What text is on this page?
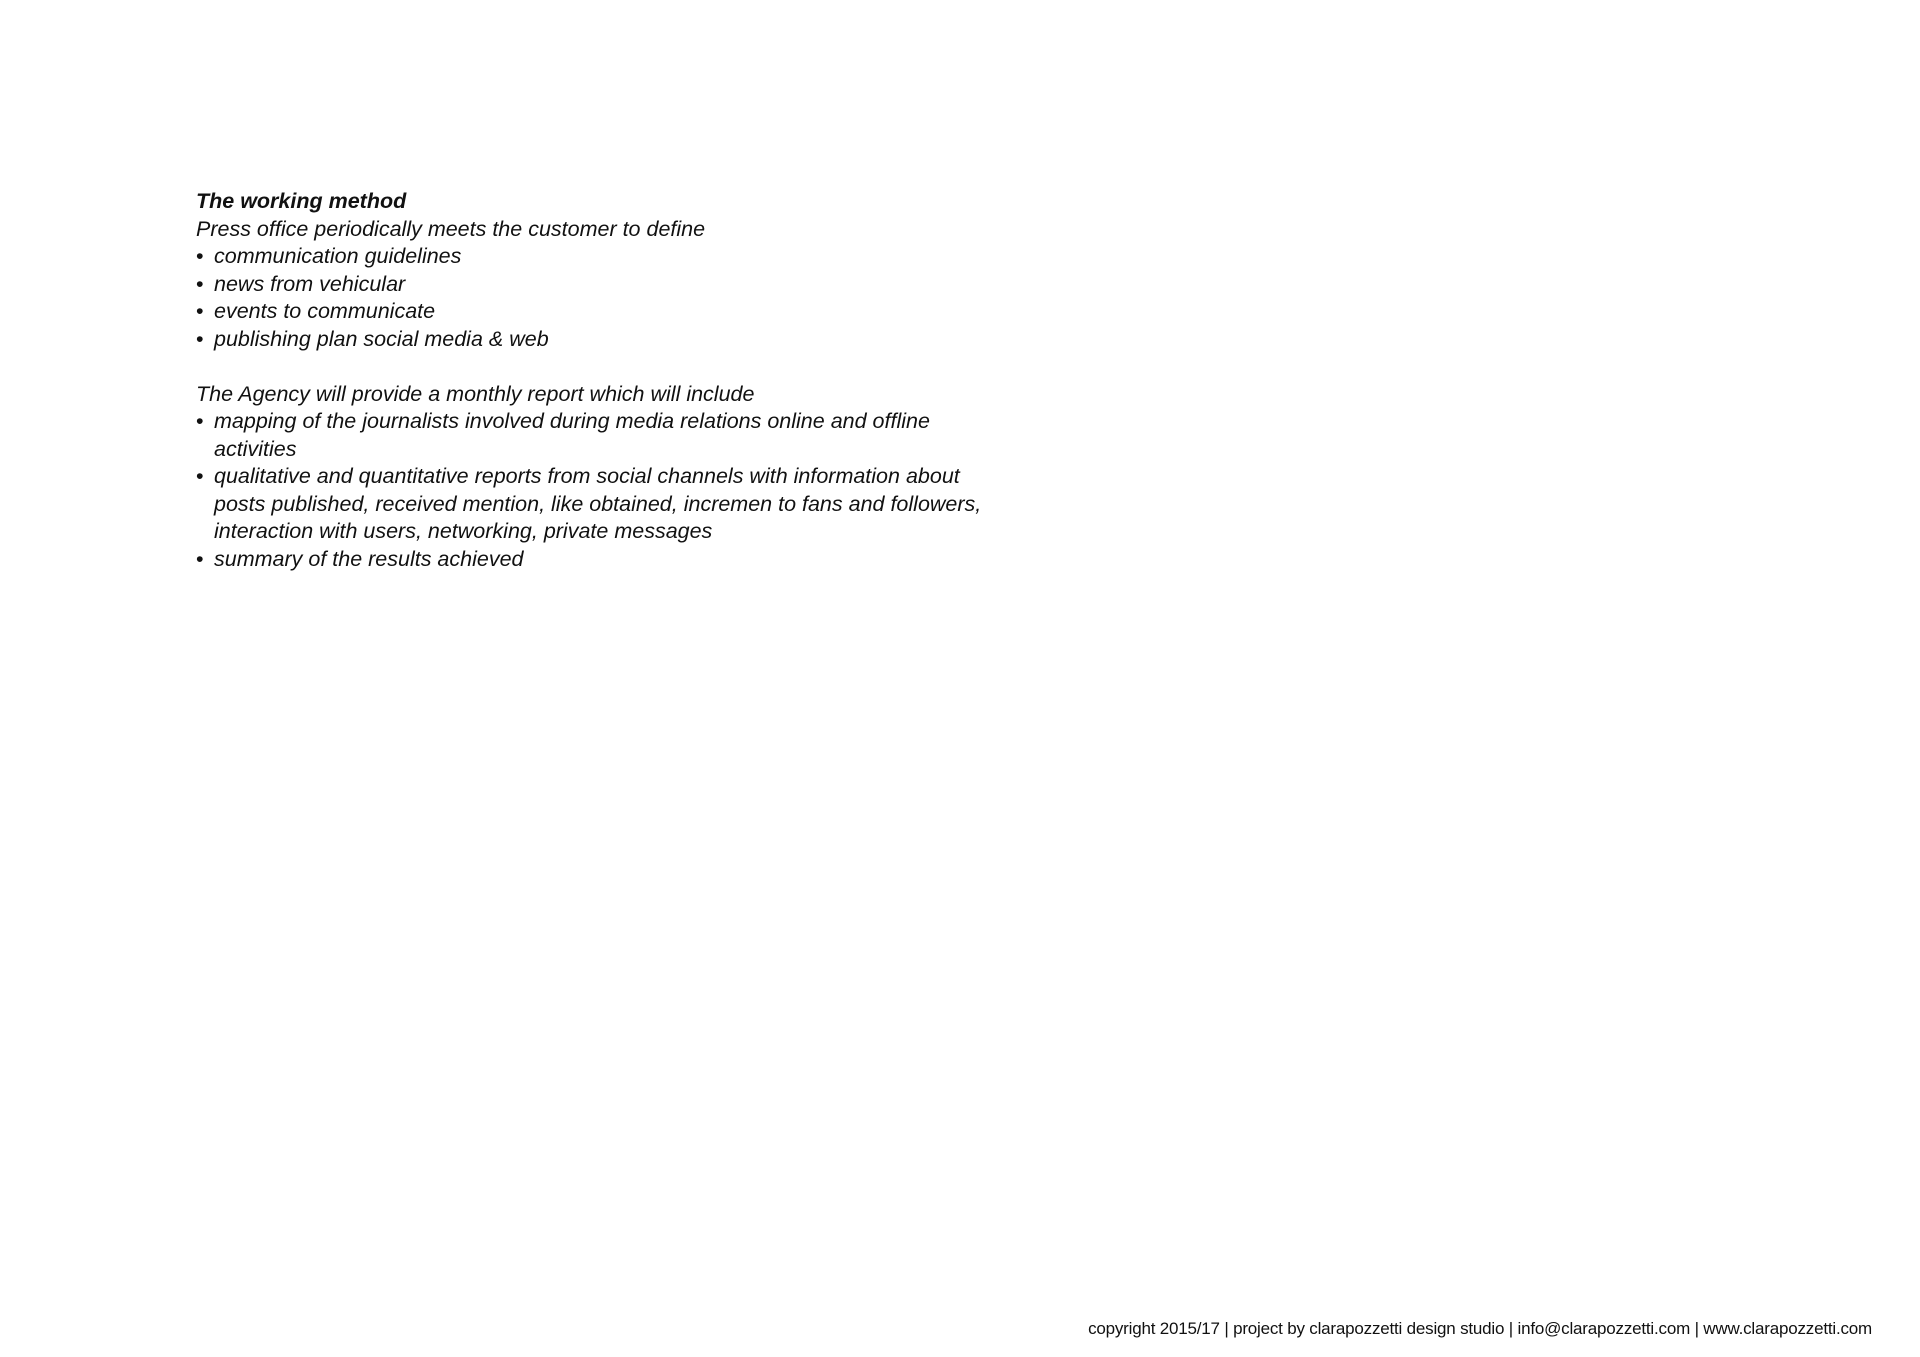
The working method

Press office periodically meets the customer to define

• communication guidelines
• news from vehicular
• events to communicate
• publishing plan social media & web

The Agency will provide a monthly report which will include

• mapping of the journalists involved during media relations online and offline activities
• qualitative and quantitative reports from social channels with information about posts published, received mention, like obtained, incremen to fans and followers, interaction with users, networking, private messages
• summary of the results achieved
copyright 2015/17 | project by clarapozzetti design studio | info@clarapozzetti.com | www.clarapozzetti.com
